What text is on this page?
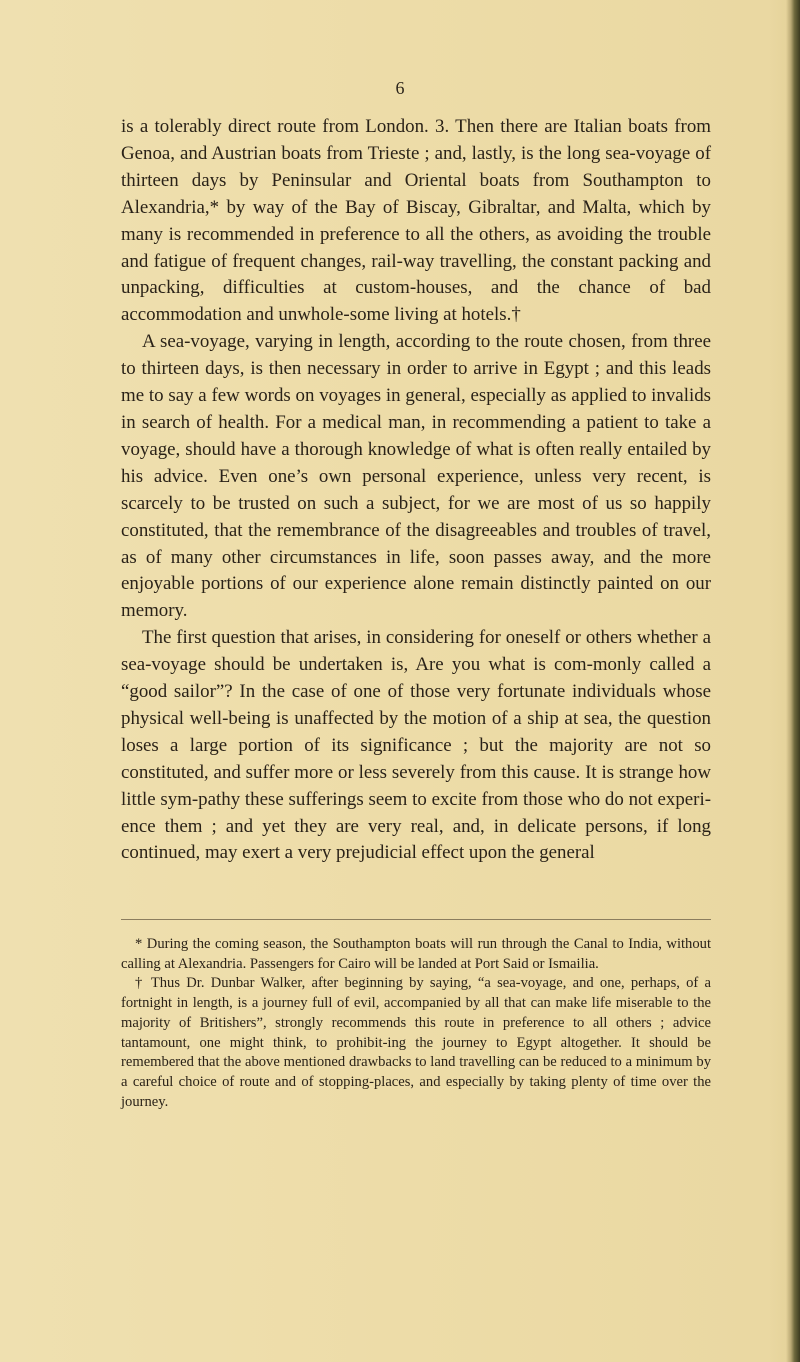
6

is a tolerably direct route from London. 3. Then there are Italian boats from Genoa, and Austrian boats from Trieste ; and, lastly, is the long sea-voyage of thirteen days by Peninsular and Oriental boats from Southampton to Alexandria,* by way of the Bay of Biscay, Gibraltar, and Malta, which by many is recommended in preference to all the others, as avoiding the trouble and fatigue of frequent changes, rail-way travelling, the constant packing and unpacking, difficulties at custom-houses, and the chance of bad accommodation and unwhole-some living at hotels.†

A sea-voyage, varying in length, according to the route chosen, from three to thirteen days, is then necessary in order to arrive in Egypt ; and this leads me to say a few words on voyages in general, especially as applied to invalids in search of health. For a medical man, in recommending a patient to take a voyage, should have a thorough knowledge of what is often really entailed by his advice. Even one’s own personal experience, unless very recent, is scarcely to be trusted on such a subject, for we are most of us so happily constituted, that the remembrance of the disagreeables and troubles of travel, as of many other circumstances in life, soon passes away, and the more enjoyable portions of our experience alone remain distinctly painted on our memory.

The first question that arises, in considering for oneself or others whether a sea-voyage should be undertaken is, Are you what is com-monly called a “good sailor”? In the case of one of those very fortunate individuals whose physical well-being is unaffected by the motion of a ship at sea, the question loses a large portion of its significance ; but the majority are not so constituted, and suffer more or less severely from this cause. It is strange how little sym-pathy these sufferings seem to excite from those who do not experi-ence them ; and yet they are very real, and, in delicate persons, if long continued, may exert a very prejudicial effect upon the general

* During the coming season, the Southampton boats will run through the Canal to India, without calling at Alexandria. Passengers for Cairo will be landed at Port Said or Ismailia.

† Thus Dr. Dunbar Walker, after beginning by saying, “a sea-voyage, and one, perhaps, of a fortnight in length, is a journey full of evil, accompanied by all that can make life miserable to the majority of Britishers”, strongly recommends this route in preference to all others ; advice tantamount, one might think, to prohibit-ing the journey to Egypt altogether. It should be remembered that the above mentioned drawbacks to land travelling can be reduced to a minimum by a careful choice of route and of stopping-places, and especially by taking plenty of time over the journey.
